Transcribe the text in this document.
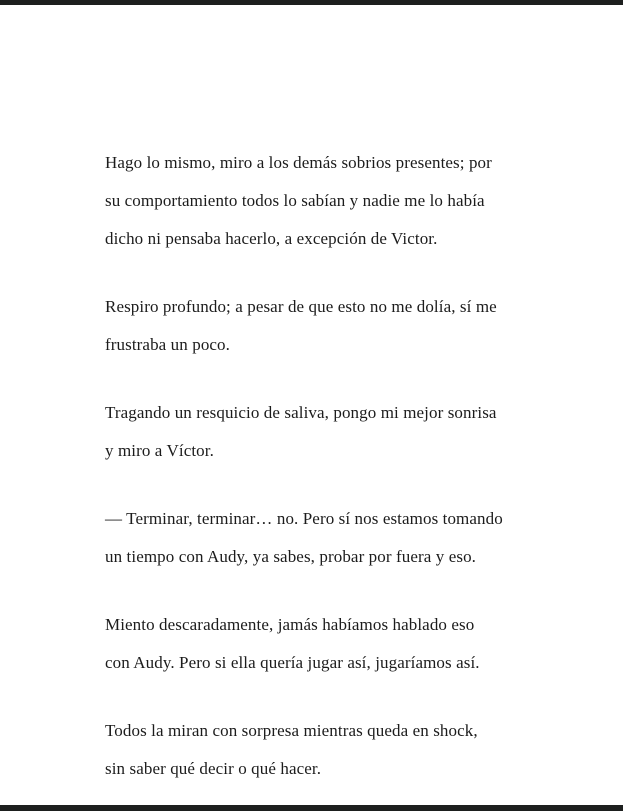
Hago lo mismo, miro a los demás sobrios presentes; por
su comportamiento todos lo sabían y nadie me lo había
dicho ni pensaba hacerlo, a excepción de Victor.
Respiro profundo; a pesar de que esto no me dolía, sí me
frustraba un poco.
Tragando un resquicio de saliva, pongo mi mejor sonrisa
y miro a Víctor.
— Terminar, terminar… no. Pero sí nos estamos tomando
un tiempo con Audy, ya sabes, probar por fuera y eso.
Miento descaradamente, jamás habíamos hablado eso
con Audy. Pero si ella quería jugar así, jugaríamos así.
Todos la miran con sorpresa mientras queda en shock,
sin saber qué decir o qué hacer.
